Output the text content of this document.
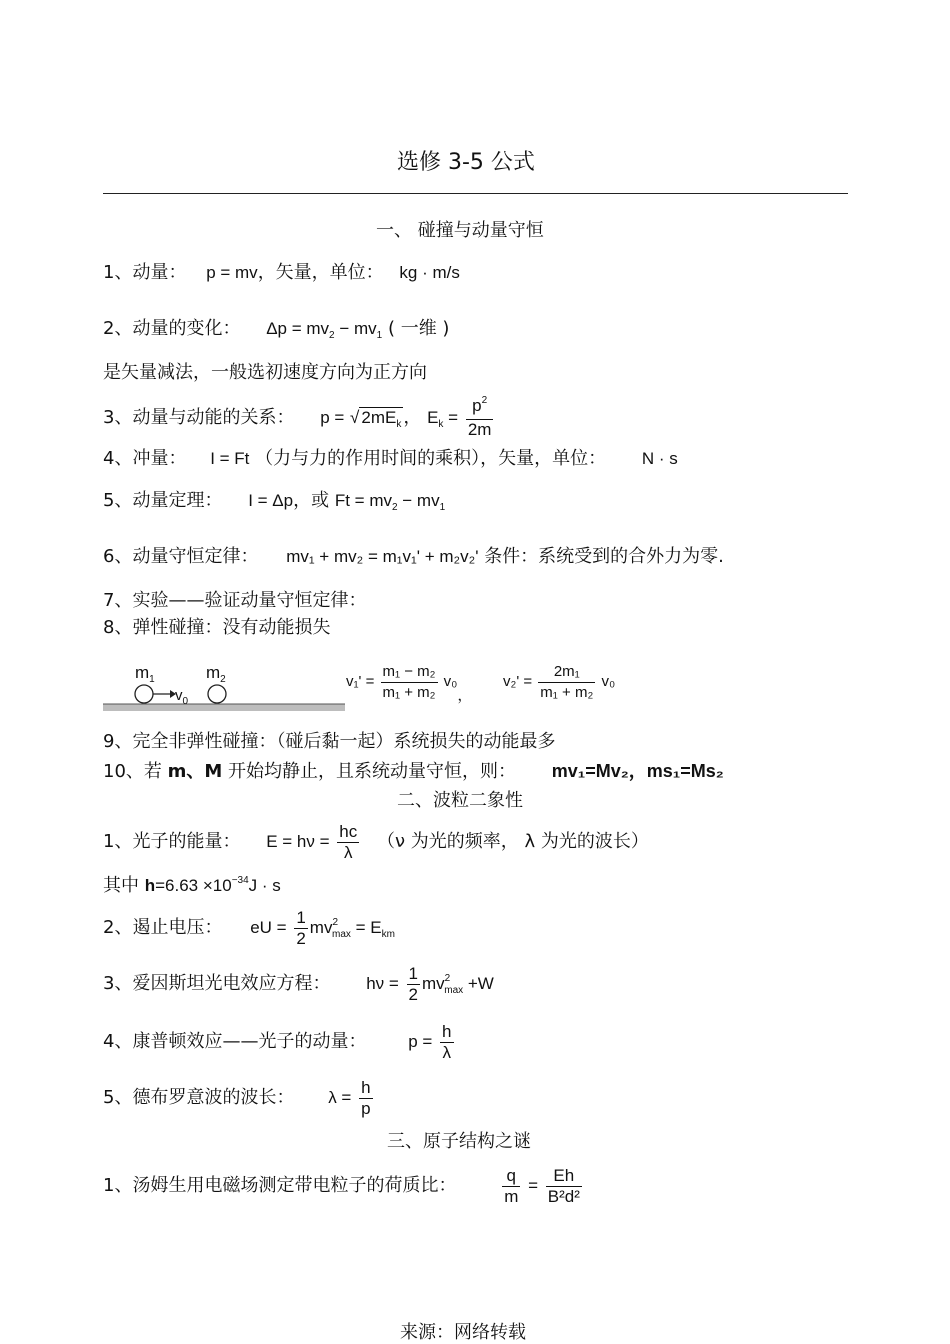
选修 3-5 公式
一、 碰撞与动量守恒
1、动量： p = mv，矢量，单位： kg · m/s
2、动量的变化： $\Delta p = mv_2 - mv_1$ ( 一维 )
是矢量减法，一般选初速度方向为正方向
3、动量与动能的关系： p = √ $2mE_k$ ， $E_k = \frac{p^2}{2m}$
4、冲量： I = Ft （力与力的作用时间的乘积），矢量，单位： N · s
5、动量定理： I = Δp，或 $Ft = mv_2 - mv_1$
6、动量守恒定律： mv₁ + mv₂ = m₁v₁' + m₂v₂' 条件：系统受到的合外力为零.
7、实验——验证动量守恒定律：
8、弹性碰撞：没有动能损失
$m_1$	$m_2$
$v_0$
$v_1' = \frac{\text{m₁ − m₂}}{\text{m₁ + m₂}} v_0$，
$v_2' = \frac{\text{2m₁}}{\text{m₁ + m₂}} v_0$
9、完全非弹性碰撞：（碰后黏一起）系统损失的动能最多
10、若 m、M 开始均静止，且系统动量守恒，则： mv₁=Mv₂，ms₁=Ms₂
二、波粒二象性
1、光子的能量： $E = h\nu = \frac{hc}{\lambda} (\nu$ 为光的频率， λ 为光的波长）
其中 $h=6.63 \times 10^{-34}J \cdot s$
2、遏止电压： eU = $\frac{1}{2} mv^2_{max} = E_{km}$
3、爱因斯坦光电效应方程： $h\nu = \frac{1}{2} mv^2_{max} +W$
4、康普顿效应——光子的动量： $p = \frac{h}{\lambda}$
5、德布罗意波的波长： $\lambda = \frac{h}{p}$
三、原子结构之谜
1、汤姆生用电磁场测定带电粒子的荷质比：	$\frac{q}{m} = \frac{Eh}{\text{B²d²}}$
来源：网络转载
